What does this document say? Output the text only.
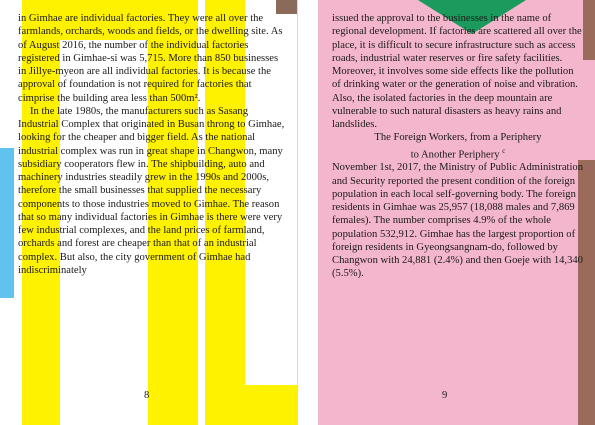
in Gimhae are individual factories. They were all over the farmlands, orchards, woods and fields, or the dwelling site. As of August 2016, the number of the individual factories registered in Gimhae-si was 5,715. More than 850 businesses in Jillye-myeon are all individual factories. It is because the approval of foundation is not required for factories that cimprise the building area less than 500m².

In the late 1980s, the manufacturers such as Sasang Industrial Complex that originated in Busan throng to Gimhae, looking for the cheaper and bigger field. As the national industrial complex was run in great shape in Changwon, many subsidiary cooperators flew in. The shipbuilding, auto and machinery industries steadily grew in the 1990s and 2000s, therefore the small businesses that supplied the necessary components to those industries moved to Gimhae. The reason that so many individual factories in Gimhae is there were very few industrial complexes, and the land prices of farmland, orchards and forest are cheaper than that of an industrial complex. But also, the city government of Gimhae had indiscriminately

8

issued the approval to the businesses in the name of regional development. If factories are scattered all over the place, it is difficult to secure infrastructure such as access roads, industrial water reserves or fire safety facilities. Moreover, it involves some side effects like the pollution of drinking water or the generation of noise and vibration. Also, the isolated factories in the deep mountain are vulnerable to such natural disasters as heavy rains and landslides.

The Foreign Workers, from a Periphery
to Another Periphery $^c$

November 1st, 2017, the Ministry of Public Administration and Security reported the present condition of the foreign population in each local self-governing body. The foreign residents in Gimhae was 25,957 (18,088 males and 7,869 females). The number comprises 4.9% of the whole population 532,912. Gimhae has the largest proportion of foreign residents in Gyeongsangnam-do, followed by Changwon with 24,881 (2.4%) and then Goeje with 14,340 (5.5%).

9
